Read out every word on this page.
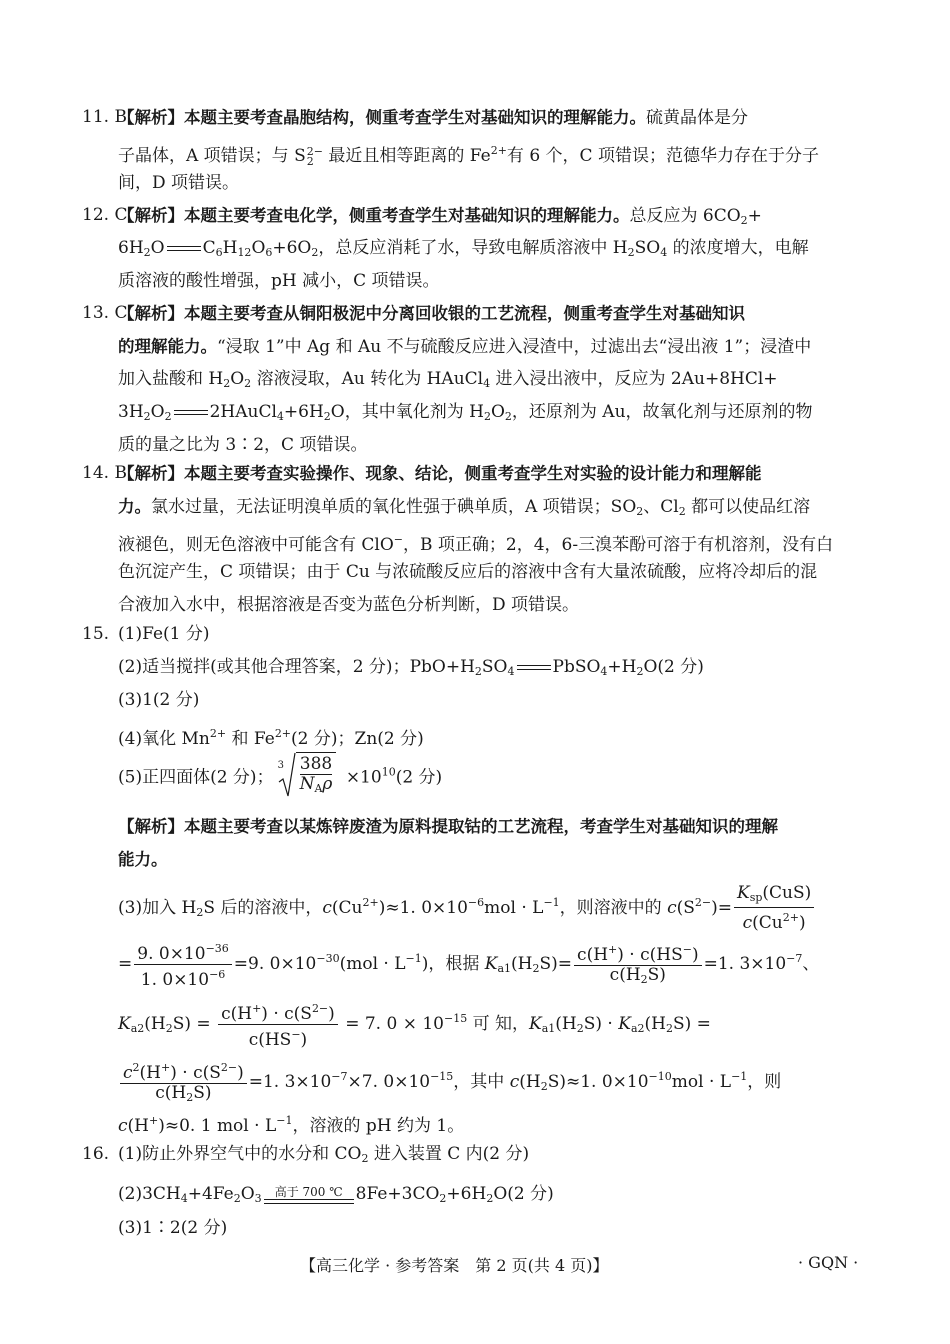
11. B
【解析】本题主要考查晶胞结构，侧重考查学生对基础知识的理解能力。硫黄晶体是分
子晶体，A 项错误；与 S 2−
2 最近且相等距离的 $Fe^{2+}$有 6 个，C 项错误；范德华力存在于分子
间，D 项错误。
12. C
【解析】本题主要考查电化学，侧重考查学生对基础知识的理解能力。总反应为 $6CO_2+$
$6H_2O$ $C_6H_{12}O_6+6O_2$，总反应消耗了水，导致电解质溶液中 $H_2SO_4$ 的浓度增大，电解
质溶液的酸性增强，pH 减小，C 项错误。
13. C
【解析】本题主要考查从铜阳极泥中分离回收银的工艺流程，侧重考查学生对基础知识
的理解能力。“浸取 1”中 Ag 和 Au 不与硫酸反应进入浸渣中，过滤出去“浸出液 1”；浸渣中
加入盐酸和 $H_2O_2$ 溶液浸取，Au 转化为 HAuCl$_4$ 进入浸出液中，反应为 2Au+8HCl+
$3H_2O_2$ $2HAuCl_4+6H_2O$，其中氧化剂为 $H_2O_2$，还原剂为 Au，故氧化剂与还原剂的物
质的量之比为 3∶2，C 项错误。
14. B
【解析】本题主要考查实验操作、现象、结论，侧重考查学生对实验的设计能力和理解能
力。氯水过量，无法证明溴单质的氧化性强于碘单质，A 项错误；$SO_2$、$Cl_2$ 都可以使品红溶
液褪色，则无色溶液中可能含有 ClO−，B 项正确；2，4，6-三溴苯酚可溶于有机溶剂，没有白
色沉淀产生，C 项错误；由于 Cu 与浓硫酸反应后的溶液中含有大量浓硫酸，应将冷却后的混
合液加入水中，根据溶液是否变为蓝色分析判断，D 项错误。
15. (1)Fe(1 分)
(2)适当搅拌(或其他合理答案，2 分)；$PbO+H_2SO_4$ $PbSO_4+H_2O(2$ 分)
(3)1(2 分)
(4)氧化 $Mn^{2+}$ 和 $Fe^{2+}(2$ 分)；Zn(2 分)
(5)正四面体(2 分)；
$3 \frac{388}{N_A\rho} \times 10^{10}(2$ 分)
【解析】本题主要考查以某炼锌废渣为原料提取钴的工艺流程，考查学生对基础知识的理解
能力。
(3)加入 $H_2S$ 后的溶液中，$c(Cu^{2+})\approx 1$. $0\times 10^{-6}mol \cdot L^{-1}$，则溶液中的 $c(S^{2-})= \frac{K_{sp}(CuS)}{c(Cu^{2+})}$
= $\frac{9. 0\times 10^{-36}}{1. 0\times 10^{-6}} =9$. $0\times 10^{-30}(mol \cdot L^{-1})$，根据 $K_{a1}(H_2S)= \frac{c(H^+) \cdot c(HS^-)}{c(H_2S)} =1$. $3\times 10^{-7}$、
$K_{a2}(H_2S) = \frac{c(H^+) \cdot c(S^{2-})}{c(HS^-)} = 7$. $0 \times 10^{-15}$ 可 知，$K_{a1}(H_2S) \cdot K_{a2}(H_2S)$ =
$\frac{c^2(H^+) \cdot c(S^{2-})}{c(H_2S)} =1$. $3\times 10^{-7}\times 7$. $0\times 10^{-15}$，其中 $c(H_2S)\approx 1$. $0\times 10^{-10}mol \cdot L^{-1}$，则
c(H+)≈0. 1 mol · $L^{-1}$，溶液的 pH 约为 1。
16. (1)防止外界空气中的水分和 $CO_2$ 进入装置 C 内(2 分)
$(2)3CH_4+4Fe_2O_3$	高于 700 ℃ $8Fe+3CO_2+6H_2O(2$ 分)
(3)1∶2(2 分)
【高三化学 · 参考答案　第 2 页(共 4 页)】	· GQN ·
